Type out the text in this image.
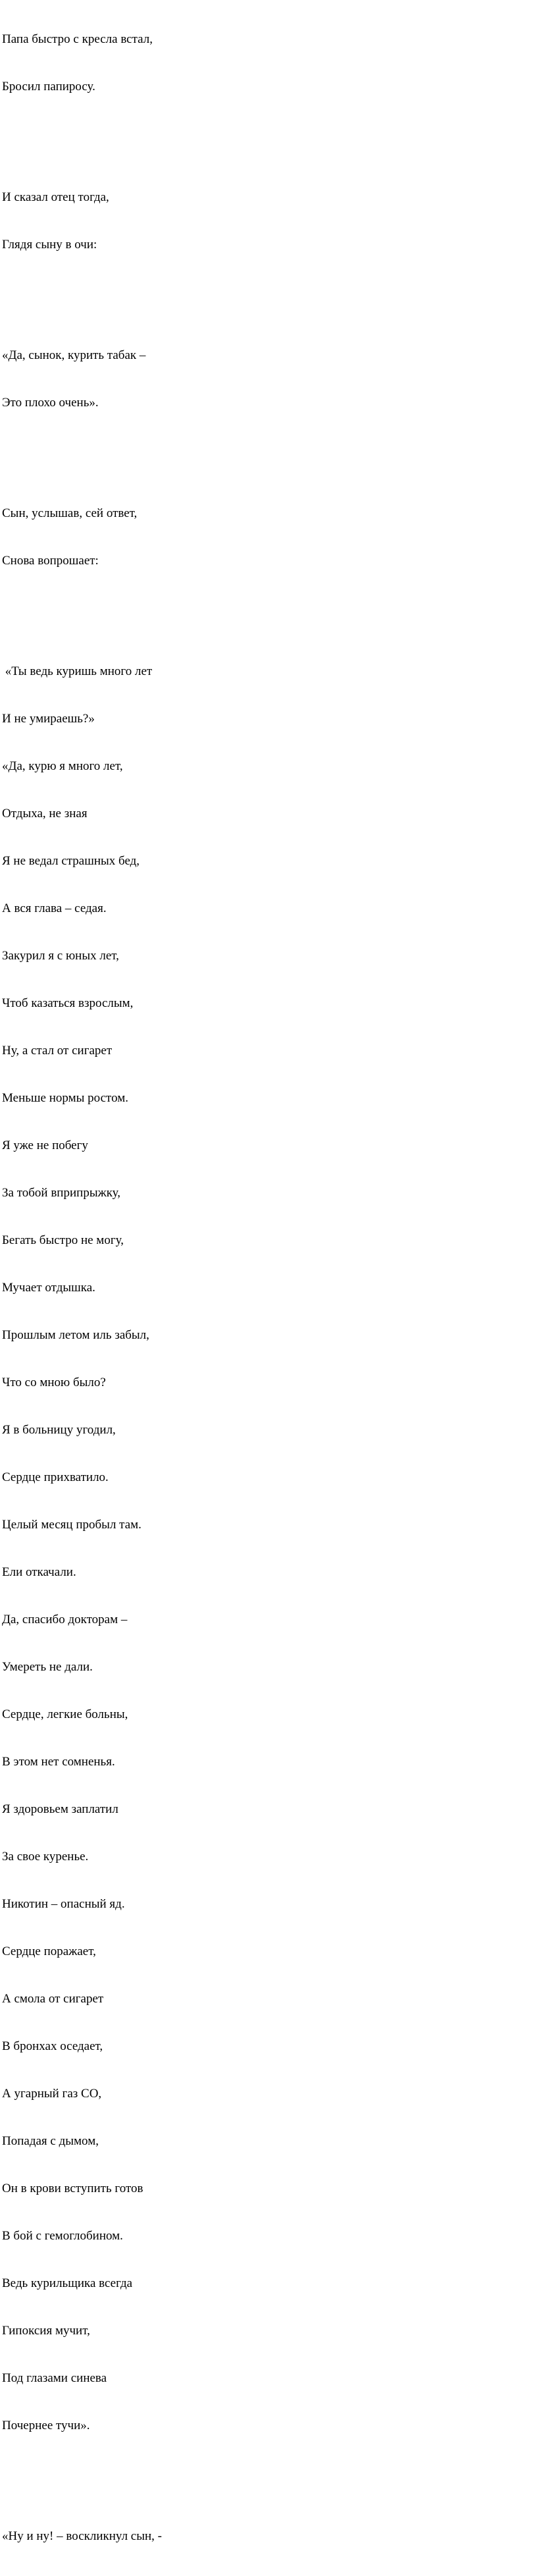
Папа быстро с кресла встал,

Бросил папиросу.

И сказал отец тогда,

Глядя сыну в очи:

«Да, сынок, курить табак –

Это плохо очень».

Сын, услышав, сей ответ,

Снова вопрошает:

«Ты ведь куришь много лет

И не умираешь?»

«Да, курю я много лет,

Отдыха, не зная

Я не ведал страшных бед,

А вся глава – седая.

Закурил я с юных лет,

Чтоб казаться взрослым,

Ну, а стал от сигарет

Меньше нормы ростом.

Я уже не побегу

За тобой вприпрыжку,

Бегать быстро не могу,

Мучает отдышка.

Прошлым летом иль забыл,

Что со мною было?

Я в больницу угодил,

Сердце прихватило.

Целый месяц пробыл там.

Ели откачали.

Да, спасибо докторам –

Умереть не дали.

Сердце, легкие больны,

В этом нет сомненья.

Я здоровьем заплатил

За свое куренье.

Никотин – опасный яд.

Сердце поражает,

А смола от сигарет

В бронхах оседает,

А угарный газ СО,

Попадая с дымом,

Он в крови вступить готов

В бой с гемоглобином.

Ведь курильщика всегда

Гипоксия мучит,

Под глазами синева

Почернее тучи».

«Ну и ну! – воскликнул сын, -
